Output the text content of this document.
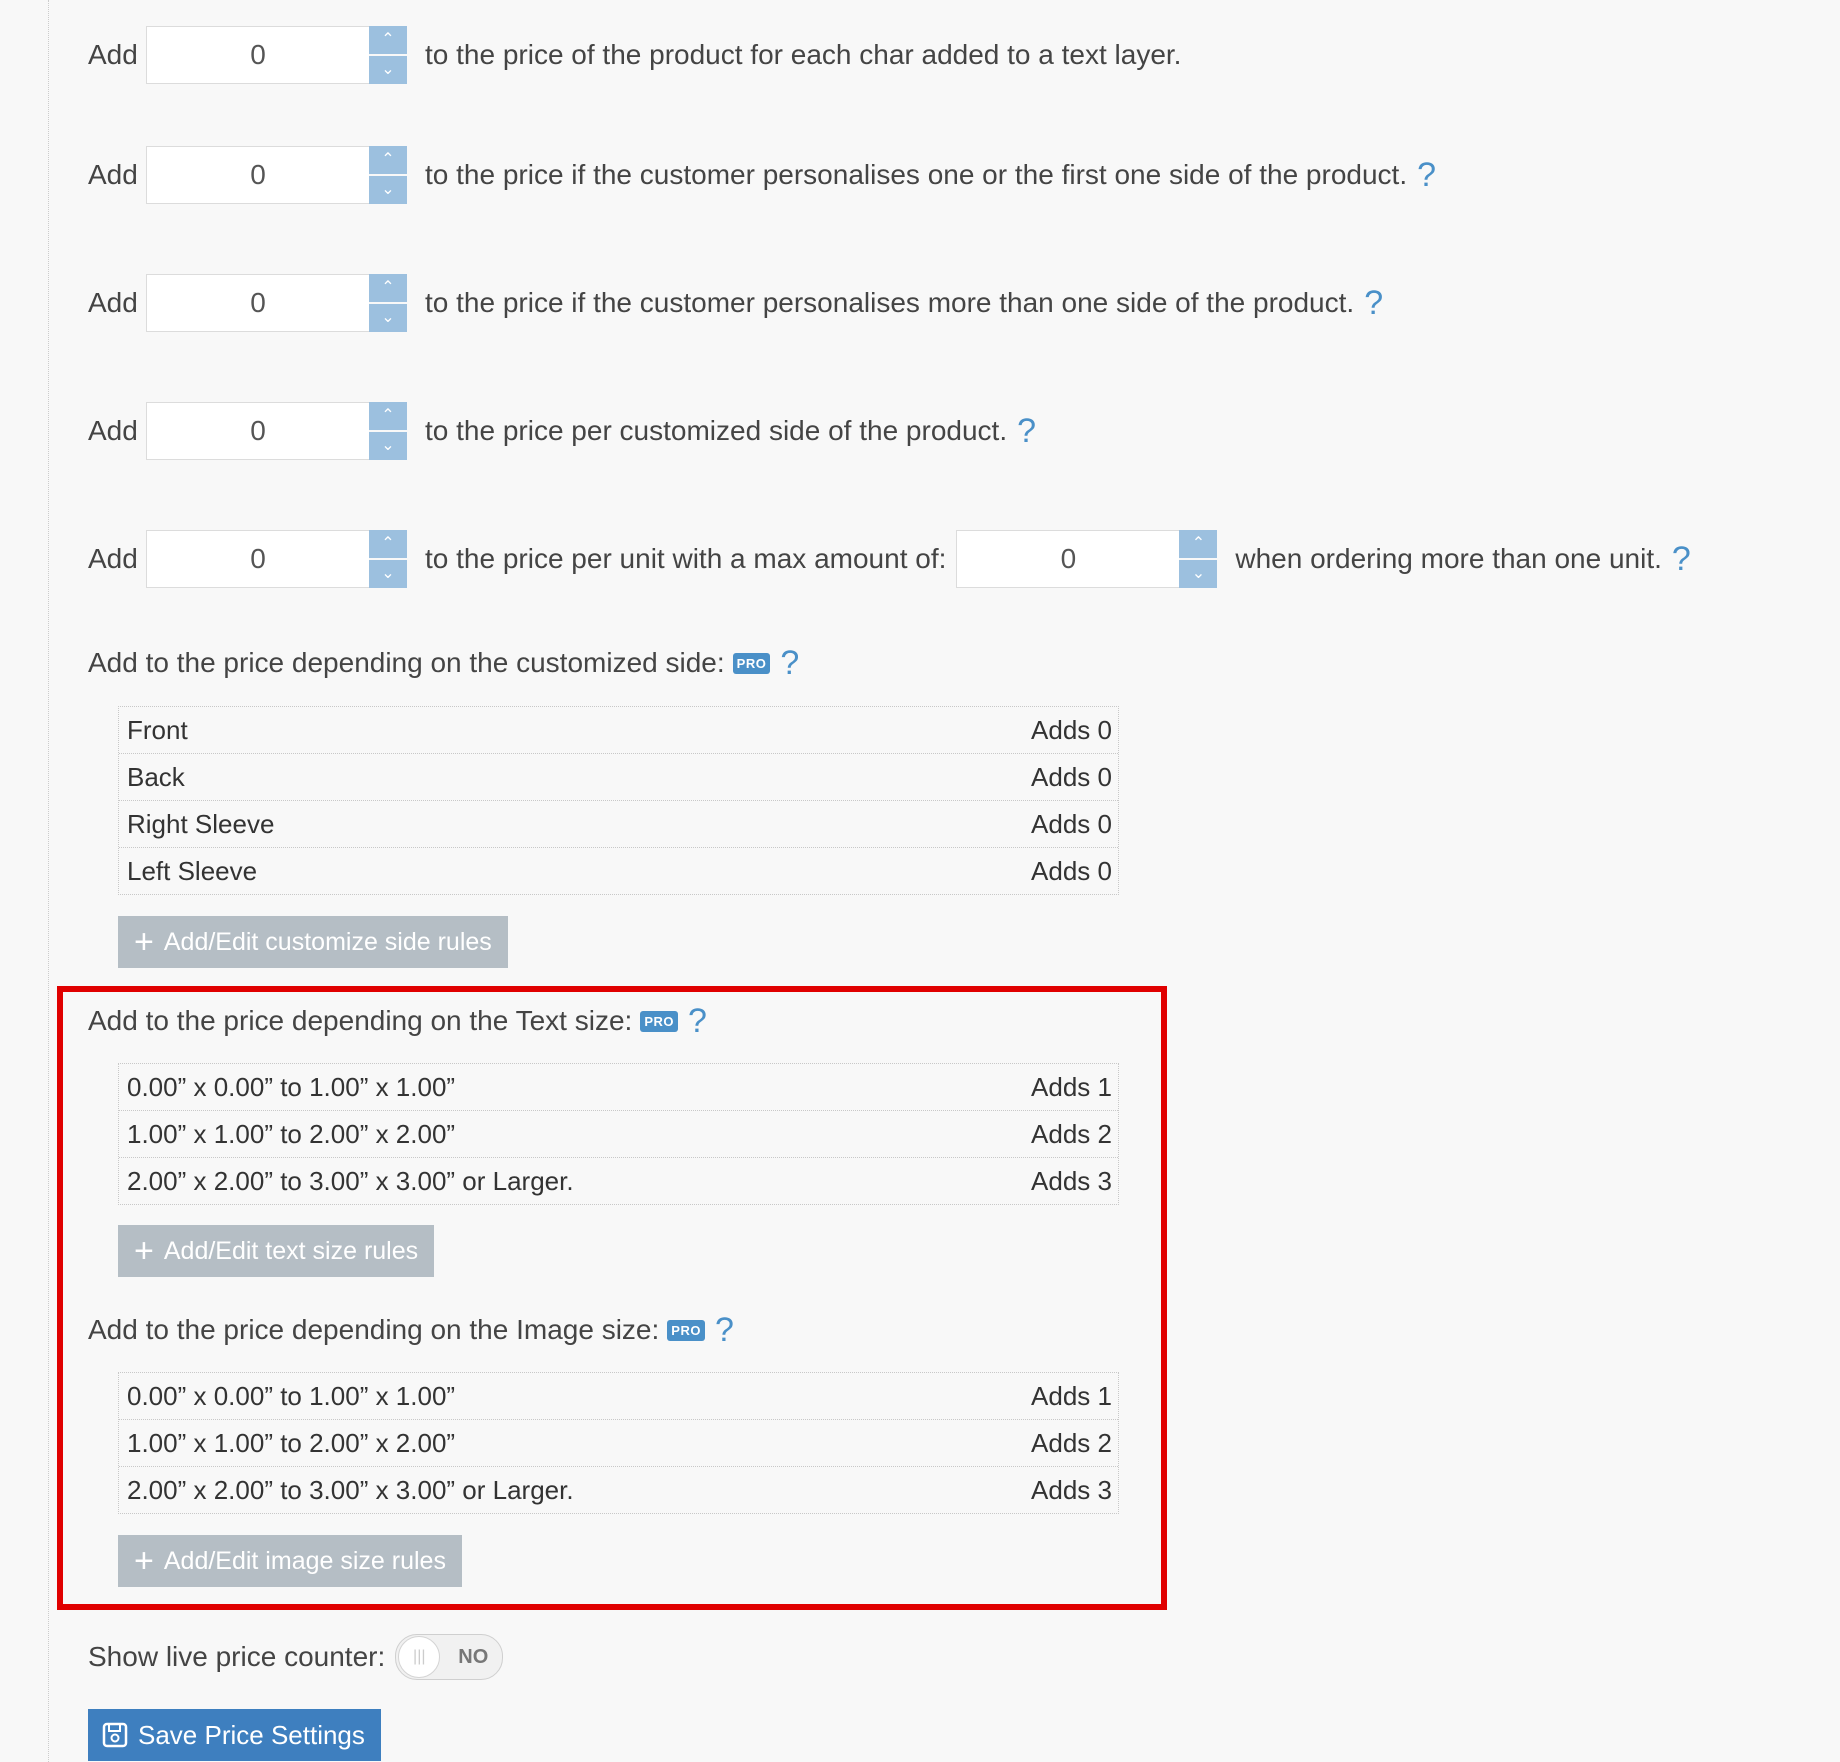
Add	0	⌃
⌄	to the price of the product for each char added to a text layer.
Add	0	⌃
⌄	to the price if the customer personalises one or the first one side of the product. ?
Add	0	⌃
⌄	to the price if the customer personalises more than one side of the product. ?
Add	0	⌃
⌄	to the price per customized side of the product. ?
Add	0	⌃
⌄	to the price per unit with a max amount of:	0	⌃
⌄	when ordering more than one unit. ?
Add to the price depending on the customized side: PRO ?
Front	Adds 0
Back	Adds 0
Right Sleeve	Adds 0
Left Sleeve	Adds 0
+ Add/Edit customize side rules
Add to the price depending on the Text size: PRO ?
0.00” x 0.00” to 1.00” x 1.00”	Adds 1
1.00” x 1.00” to 2.00” x 2.00”	Adds 2
2.00” x 2.00” to 3.00” x 3.00” or Larger.	Adds 3
+ Add/Edit text size rules
Add to the price depending on the Image size: PRO ?
0.00” x 0.00” to 1.00” x 1.00”	Adds 1
1.00” x 1.00” to 2.00” x 2.00”	Adds 2
2.00” x 2.00” to 3.00” x 3.00” or Larger.	Adds 3
+ Add/Edit image size rules
Show live price counter:	|||	NO
Save Price Settings
